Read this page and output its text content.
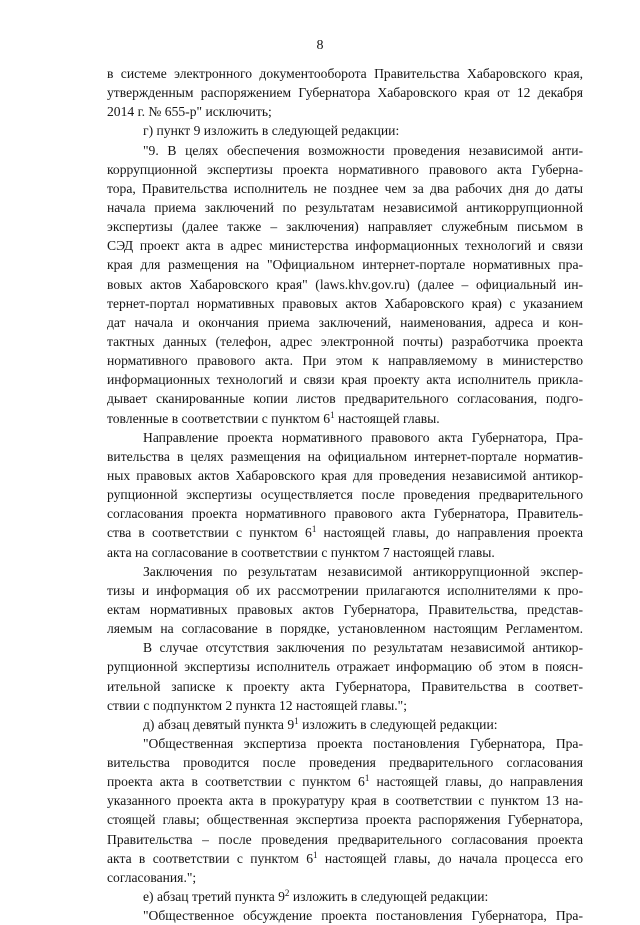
8
в системе электронного документооборота Правительства Хабаровского края,
утвержденным распоряжением Губернатора Хабаровского края от 12 декабря
2014 г. № 655-р" исключить;
г) пункт 9 изложить в следующей редакции:
"9. В целях обеспечения возможности проведения независимой анти-
коррупционной экспертизы проекта нормативного правового акта Губерна-
тора, Правительства исполнитель не позднее чем за два рабочих дня до даты
начала приема заключений по результатам независимой антикоррупционной
экспертизы (далее также – заключения) направляет служебным письмом в
СЭД проект акта в адрес министерства информационных технологий и связи
края для размещения на "Официальном интернет-портале нормативных пра-
вовых актов Хабаровского края" (laws.khv.gov.ru) (далее – официальный ин-
тернет-портал нормативных правовых актов Хабаровского края) с указанием
дат начала и окончания приема заключений, наименования, адреса и кон-
тактных данных (телефон, адрес электронной почты) разработчика проекта
нормативного правового акта. При этом к направляемому в министерство
информационных технологий и связи края проекту акта исполнитель прикла-
дывает сканированные копии листов предварительного согласования, подго-
товленные в соответствии с пунктом $6^1$ настоящей главы.
Направление проекта нормативного правового акта Губернатора, Пра-
вительства в целях размещения на официальном интернет-портале норматив-
ных правовых актов Хабаровского края для проведения независимой антикор-
рупционной экспертизы осуществляется после проведения предварительного
согласования проекта нормативного правового акта Губернатора, Правитель-
ства в соответствии с пунктом $6^1$ настоящей главы, до направления проекта
акта на согласование в соответствии с пунктом 7 настоящей главы.
Заключения по результатам независимой антикоррупционной экспер-
тизы и информация об их рассмотрении прилагаются исполнителями к про-
ектам нормативных правовых актов Губернатора, Правительства, представ-
ляемым на согласование в порядке, установленном настоящим Регламентом.
В случае отсутствия заключения по результатам независимой антикор-
рупционной экспертизы исполнитель отражает информацию об этом в поясн-
ительной записке к проекту акта Губернатора, Правительства в соответ-
ствии с подпунктом 2 пункта 12 настоящей главы.";
д) абзац девятый пункта $9^1$ изложить в следующей редакции:
"Общественная экспертиза проекта постановления Губернатора, Пра-
вительства проводится после проведения предварительного согласования
проекта акта в соответствии с пунктом $6^1$ настоящей главы, до направления
указанного проекта акта в прокуратуру края в соответствии с пунктом 13 на-
стоящей главы; общественная экспертиза проекта распоряжения Губернатора,
Правительства – после проведения предварительного согласования проекта
акта в соответствии с пунктом $6^1$ настоящей главы, до начала процесса его
согласования.";
е) абзац третий пункта $9^2$ изложить в следующей редакции:
"Общественное обсуждение проекта постановления Губернатора, Пра-
